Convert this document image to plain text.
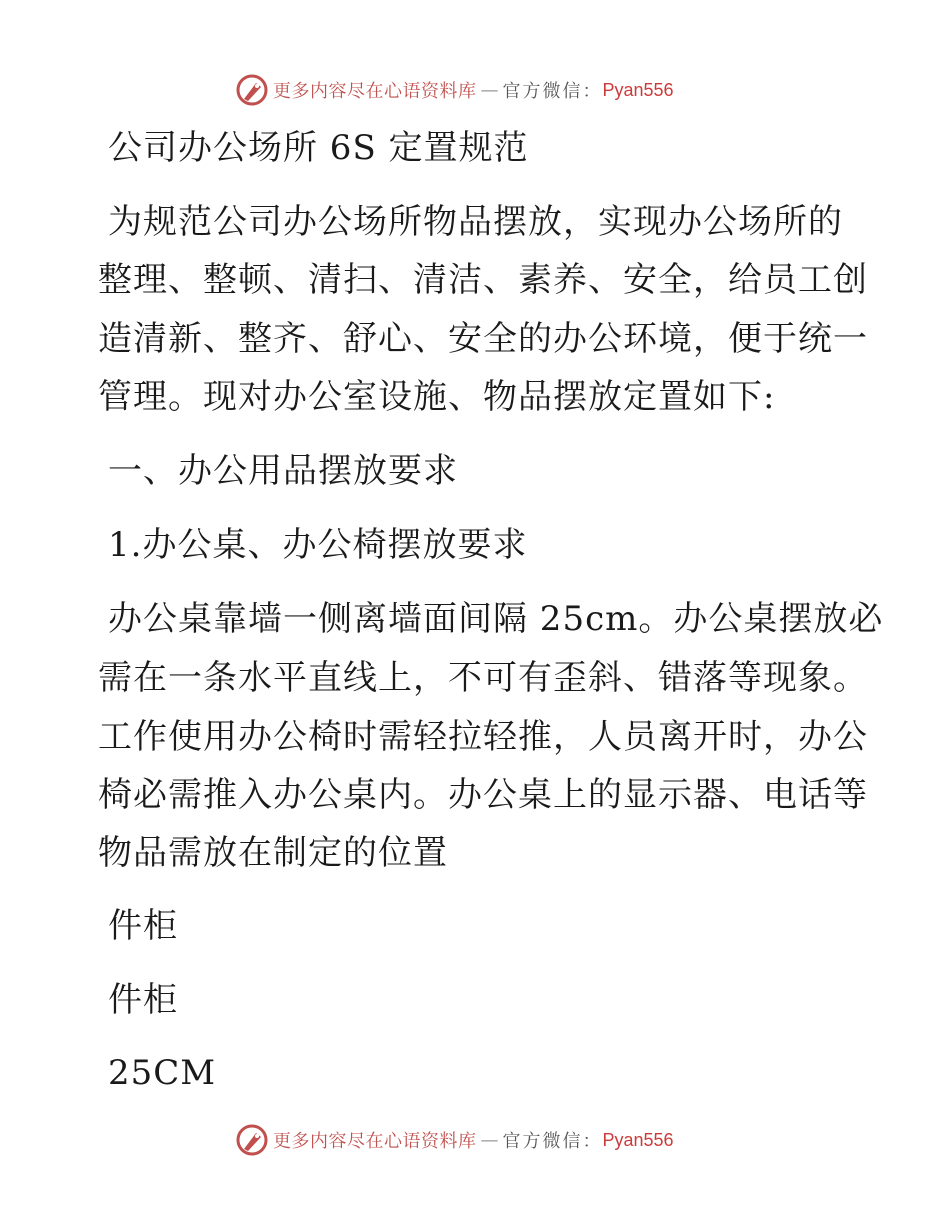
更多内容尽在心语资料库 — 官方微信： Pyan556
公司办公场所 6S 定置规范
为规范公司办公场所物品摆放，实现办公场所的
整理、整顿、清扫、清洁、素养、安全，给员工创
造清新、整齐、舒心、安全的办公环境，便于统一
管理。现对办公室设施、物品摆放定置如下:
一、办公用品摆放要求
1.办公桌、办公椅摆放要求
办公桌靠墙一侧离墙面间隔 25cm。办公桌摆放必
需在一条水平直线上，不可有歪斜、错落等现象。
工作使用办公椅时需轻拉轻推，人员离开时，办公
椅必需推入办公桌内。办公桌上的显示器、电话等
物品需放在制定的位置
件柜
件柜
25CM
更多内容尽在心语资料库 — 官方微信： Pyan556
